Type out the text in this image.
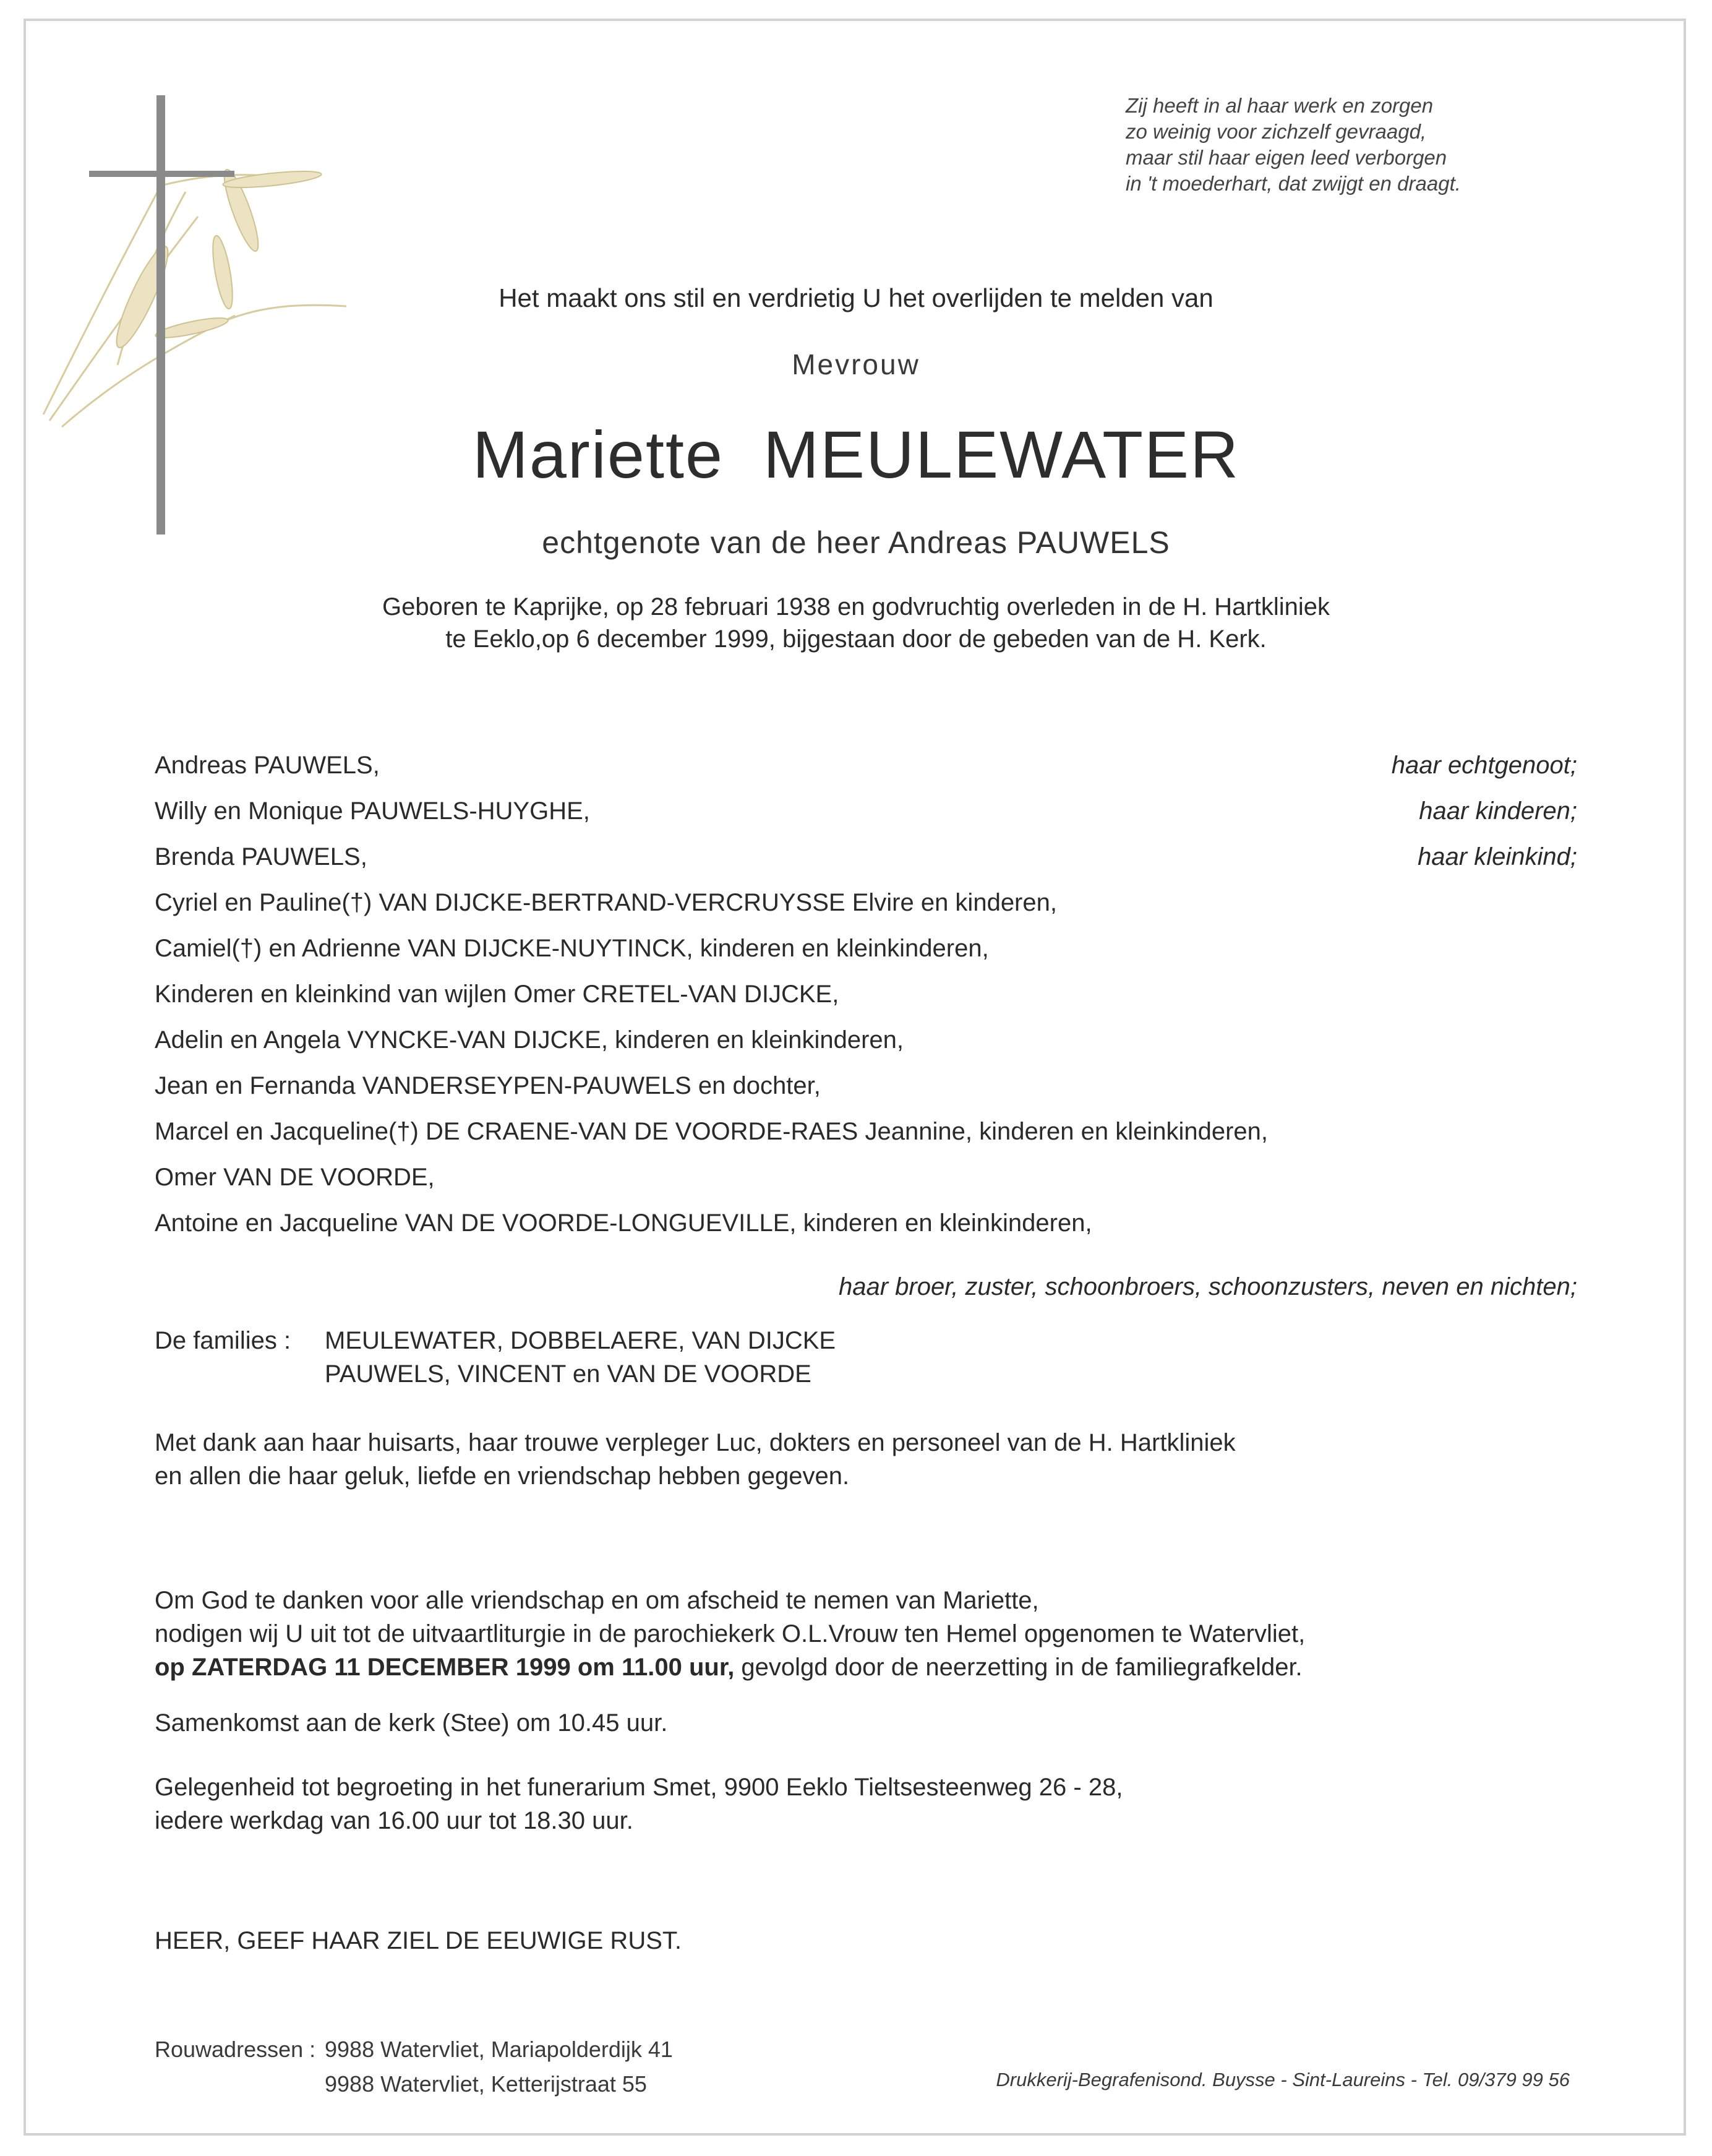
Zij heeft in al haar werk en zorgen
zo weinig voor zichzelf gevraagd,
maar stil haar eigen leed verborgen
in 't moederhart, dat zwijgt en draagt.
Het maakt ons stil en verdrietig U het overlijden te melden van
Mevrouw
Mariette  MEULEWATER
echtgenote van de heer Andreas PAUWELS
Geboren te Kaprijke, op 28 februari 1938 en godvruchtig overleden in de H. Hartkliniek
te Eeklo,op 6 december 1999, bijgestaan door de gebeden van de H. Kerk.
Andreas PAUWELS,	haar echtgenoot;
Willy en Monique PAUWELS-HUYGHE,	haar kinderen;
Brenda PAUWELS,	haar kleinkind;
Cyriel en Pauline(†) VAN DIJCKE-BERTRAND-VERCRUYSSE Elvire en kinderen,
Camiel(†) en Adrienne VAN DIJCKE-NUYTINCK, kinderen en kleinkinderen,
Kinderen en kleinkind van wijlen Omer CRETEL-VAN DIJCKE,
Adelin en Angela VYNCKE-VAN DIJCKE, kinderen en kleinkinderen,
Jean en Fernanda VANDERSEYPEN-PAUWELS en dochter,
Marcel en Jacqueline(†) DE CRAENE-VAN DE VOORDE-RAES Jeannine, kinderen en kleinkinderen,
Omer VAN DE VOORDE,
Antoine en Jacqueline VAN DE VOORDE-LONGUEVILLE, kinderen en kleinkinderen,
haar broer, zuster, schoonbroers, schoonzusters, neven en nichten;
De families : MEULEWATER, DOBBELAERE, VAN DIJCKE
PAUWELS, VINCENT en VAN DE VOORDE
Met dank aan haar huisarts, haar trouwe verpleger Luc, dokters en personeel van de H. Hartkliniek
en allen die haar geluk, liefde en vriendschap hebben gegeven.
Om God te danken voor alle vriendschap en om afscheid te nemen van Mariette,
nodigen wij U uit tot de uitvaartliturgie in de parochiekerk O.L.Vrouw ten Hemel opgenomen te Watervliet,
op ZATERDAG 11 DECEMBER 1999 om 11.00 uur, gevolgd door de neerzetting in de familiegrafkelder.
Samenkomst aan de kerk (Stee) om 10.45 uur.
Gelegenheid tot begroeting in het funerarium Smet, 9900 Eeklo Tieltsesteenweg 26 - 28,
iedere werkdag van 16.00 uur tot 18.30 uur.
HEER, GEEF HAAR ZIEL DE EEUWIGE RUST.
Rouwadressen : 9988 Watervliet, Mariapolderdijk 41
9988 Watervliet, Ketterijstraat 55	Drukkerij-Begrafenisond. Buysse - Sint-Laureins - Tel. 09/379 99 56
